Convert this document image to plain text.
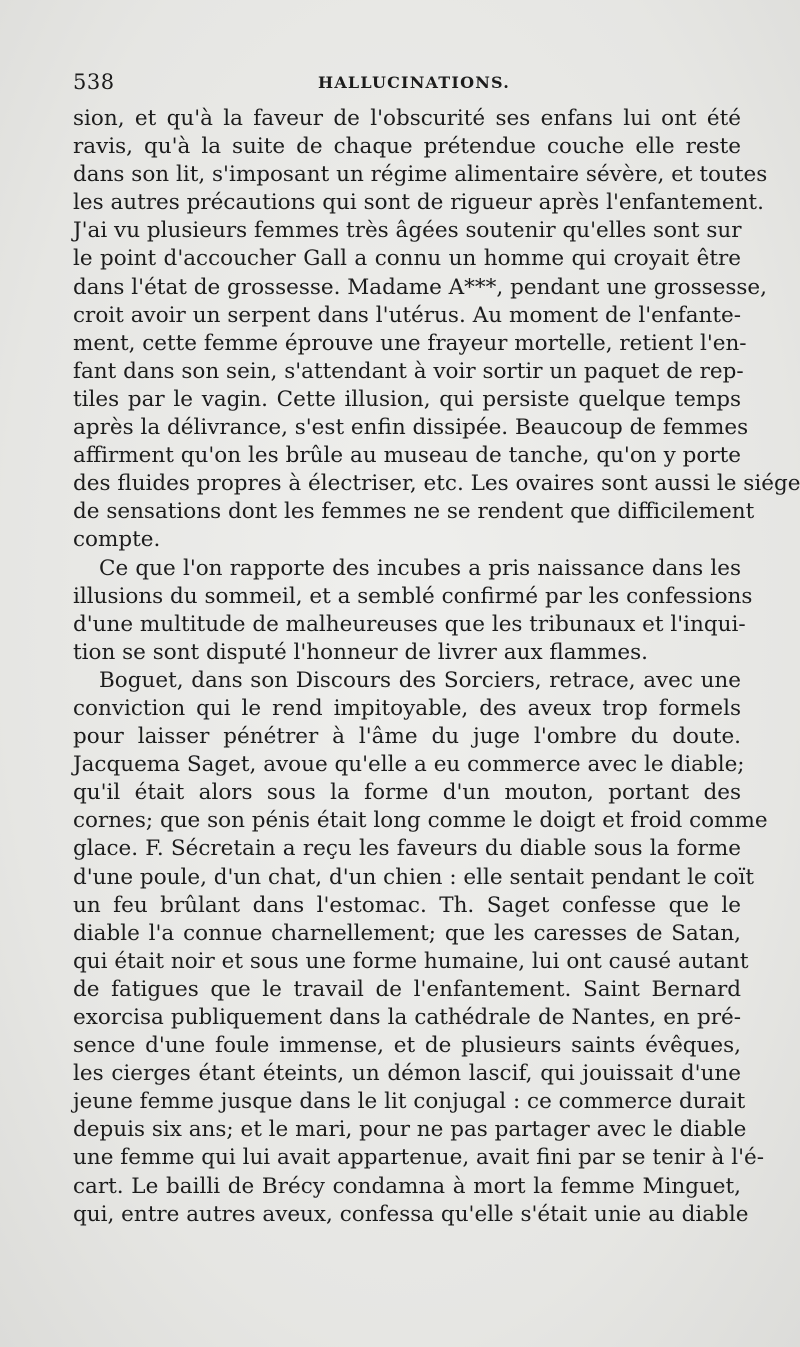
538	HALLUCINATIONS.
sion, et qu'à la faveur de l'obscurité ses enfans lui ont été
ravis, qu'à la suite de chaque prétendue couche elle reste
dans son lit, s'imposant un régime alimentaire sévère, et toutes
les autres précautions qui sont de rigueur après l'enfantement.
J'ai vu plusieurs femmes très âgées soutenir qu'elles sont sur
le point d'accoucher Gall a connu un homme qui croyait être
dans l'état de grossesse. Madame A***, pendant une grossesse,
croit avoir un serpent dans l'utérus. Au moment de l'enfante-
ment, cette femme éprouve une frayeur mortelle, retient l'en-
fant dans son sein, s'attendant à voir sortir un paquet de rep-
tiles par le vagin. Cette illusion, qui persiste quelque temps
après la délivrance, s'est enfin dissipée. Beaucoup de femmes
affirment qu'on les brûle au museau de tanche, qu'on y porte
des fluides propres à électriser, etc. Les ovaires sont aussi le siége
de sensations dont les femmes ne se rendent que difficilement
compte.
Ce que l'on rapporte des incubes a pris naissance dans les
illusions du sommeil, et a semblé confirmé par les confessions
d'une multitude de malheureuses que les tribunaux et l'inqui-
tion se sont disputé l'honneur de livrer aux flammes.
Boguet, dans son Discours des Sorciers, retrace, avec une
conviction qui le rend impitoyable, des aveux trop formels
pour laisser pénétrer à l'âme du juge l'ombre du doute.
Jacquema Saget, avoue qu'elle a eu commerce avec le diable;
qu'il était alors sous la forme d'un mouton, portant des
cornes; que son pénis était long comme le doigt et froid comme
glace. F. Sécretain a reçu les faveurs du diable sous la forme
d'une poule, d'un chat, d'un chien : elle sentait pendant le coït
un feu brûlant dans l'estomac. Th. Saget confesse que le
diable l'a connue charnellement; que les caresses de Satan,
qui était noir et sous une forme humaine, lui ont causé autant
de fatigues que le travail de l'enfantement. Saint Bernard
exorcisa publiquement dans la cathédrale de Nantes, en pré-
sence d'une foule immense, et de plusieurs saints évêques,
les cierges étant éteints, un démon lascif, qui jouissait d'une
jeune femme jusque dans le lit conjugal : ce commerce durait
depuis six ans; et le mari, pour ne pas partager avec le diable
une femme qui lui avait appartenue, avait fini par se tenir à l'é-
cart. Le bailli de Brécy condamna à mort la femme Minguet,
qui, entre autres aveux, confessa qu'elle s'était unie au diable
